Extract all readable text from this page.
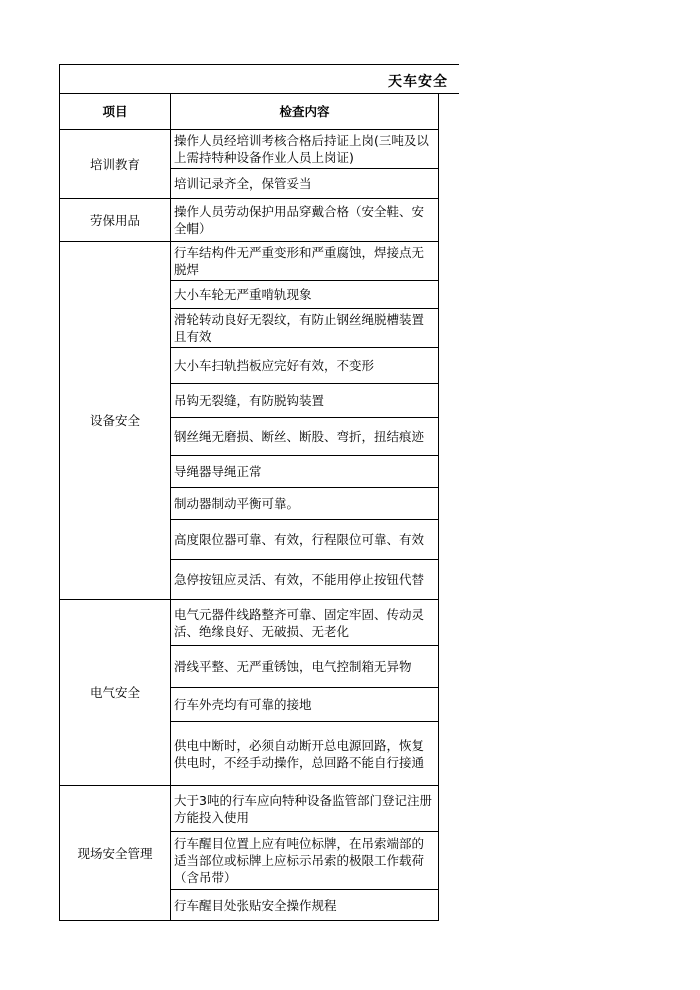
天车安全
项目	检查内容
培训教育	操作人员经培训考核合格后持证上岗(三吨及以上需持特种设备作业人员上岗证)
	培训记录齐全，保管妥当
劳保用品	操作人员劳动保护用品穿戴合格（安全鞋、安全帽）
设备安全	行车结构件无严重变形和严重腐蚀，焊接点无脱焊
	大小车轮无严重啃轨现象
	滑轮转动良好无裂纹，有防止钢丝绳脱槽装置且有效
	大小车扫轨挡板应完好有效，不变形
	吊钩无裂缝，有防脱钩装置
	钢丝绳无磨损、断丝、断股、弯折，扭结痕迹
	导绳器导绳正常
	制动器制动平衡可靠。
	高度限位器可靠、有效，行程限位可靠、有效
	急停按钮应灵活、有效，不能用停止按钮代替
电气安全	电气元器件线路整齐可靠、固定牢固、传动灵活、绝缘良好、无破损、无老化
	滑线平整、无严重锈蚀，电气控制箱无异物
	行车外壳均有可靠的接地
	供电中断时，必须自动断开总电源回路，恢复供电时，不经手动操作，总回路不能自行接通
现场安全管理	大于3吨的行车应向特种设备监管部门登记注册方能投入使用
	行车醒目位置上应有吨位标牌，在吊索端部的适当部位或标牌上应标示吊索的极限工作载荷（含吊带）
	行车醒目处张贴安全操作规程
